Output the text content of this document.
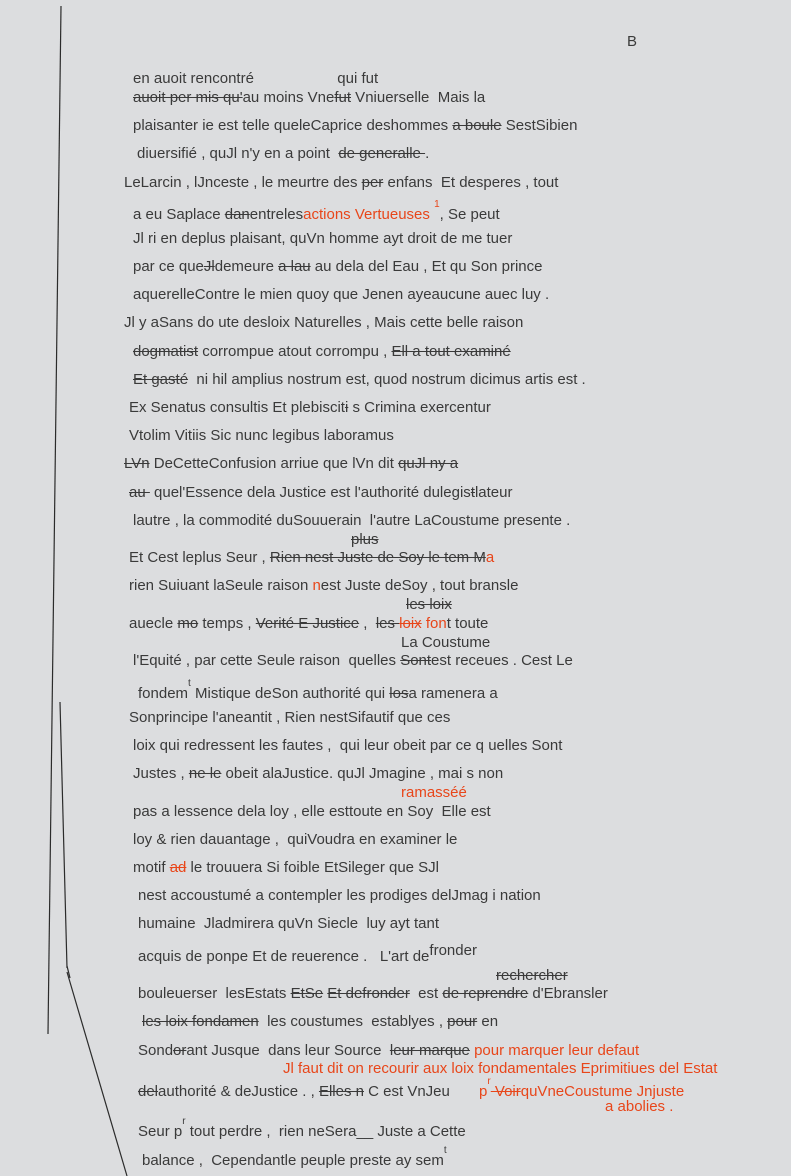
B
en auoit rencontré                    qui fut
auoit per mis qu'au moins Vnefut Vniuerselle  Mais la
plaisanter ie est telle queleCaprice deshommes a boule SestSibien
diuersifié , quJl n'y en a point  de generalle .
LeLarcin , lJnceste , le meurtre des per enfans  Et desperes , tout
a eu Saplace danentrelesactions Vertueuses $^1$, Se peut
Jl ri en deplus plaisant, quVn homme ayt droit de me tuer
par ce queJldemeure a lau au dela del Eau , Et qu Son prince
aquerelleContre le mien quoy que Jenen ayeaucune auec luy .
Jl y aSans do ute desloix Naturelles , Mais cette belle raison
dogmatist corrompue atout corrompu , Ell a tout examiné
Et gasté  ni hil amplius nostrum est, quod nostrum dicimus artis est .
Ex Senatus consultis Et plebisciti s Crimina exercentur
Vtolim Vitiis Sic nunc legibus laboramus
LVn DeCetteConfusion arriue que lVn dit quJl ny a
au  quel'Essence dela Justice est l'authorité dulegistlateur
lautre , la commodité duSouuerain  l'autre LaCoustume presente .
plus
Et Cest leplus Seur , Rien nest Juste de Soy le tem Ma
rien Suiuant laSeule raison nest Juste deSoy , tout bransle
les loix
auecle mo temps , Verité E Justice ,  les loix font toute
La Coustume
l'Equité , par cette Seule raison  quelles Sontest receues . Cest Le
fondem$^t$ Mistique deSon authorité qui losa ramenera a
Sonprincipe l'aneantit , Rien nestSifautif que ces
loix qui redressent les fautes ,  qui leur obeit par ce q uelles Sont
Justes , ne le obeit alaJustice. quJl Jmagine , mai s non
ramasséé
pas a lessence dela loy , elle esttoute en Soy  Elle est
loy & rien dauantage ,  quiVoudra en examiner le
motif ad le trouuera Si foible EtSileger que SJl
nest accoustumé a contempler les prodiges delJmag i nation
humaine  Jladmirera quVn Siecle  luy ayt tant
acquis de ponpe Et de reuerence .   L'art defronder
rechercher
bouleuerser  lesEstats EtSe Et defronder  est de reprendre d'Ebransler
les loix fondamen  les coustumes  establyes , pour en
Sondorant Jusque  dans leur Source  leur marque pour marquer leur defaut
Jl faut dit on recourir aux loix fondamentales Eprimitiues del Estat
delauthorité & deJustice . , Elles n C est VnJeu       $p^r$ VoirquVneCoustume Jnjuste
a abolies .
Seur $p^r$ tout perdre ,  rien neSera__ Juste a Cette
balance ,  Cependantle peuple preste ay sem$^t$
